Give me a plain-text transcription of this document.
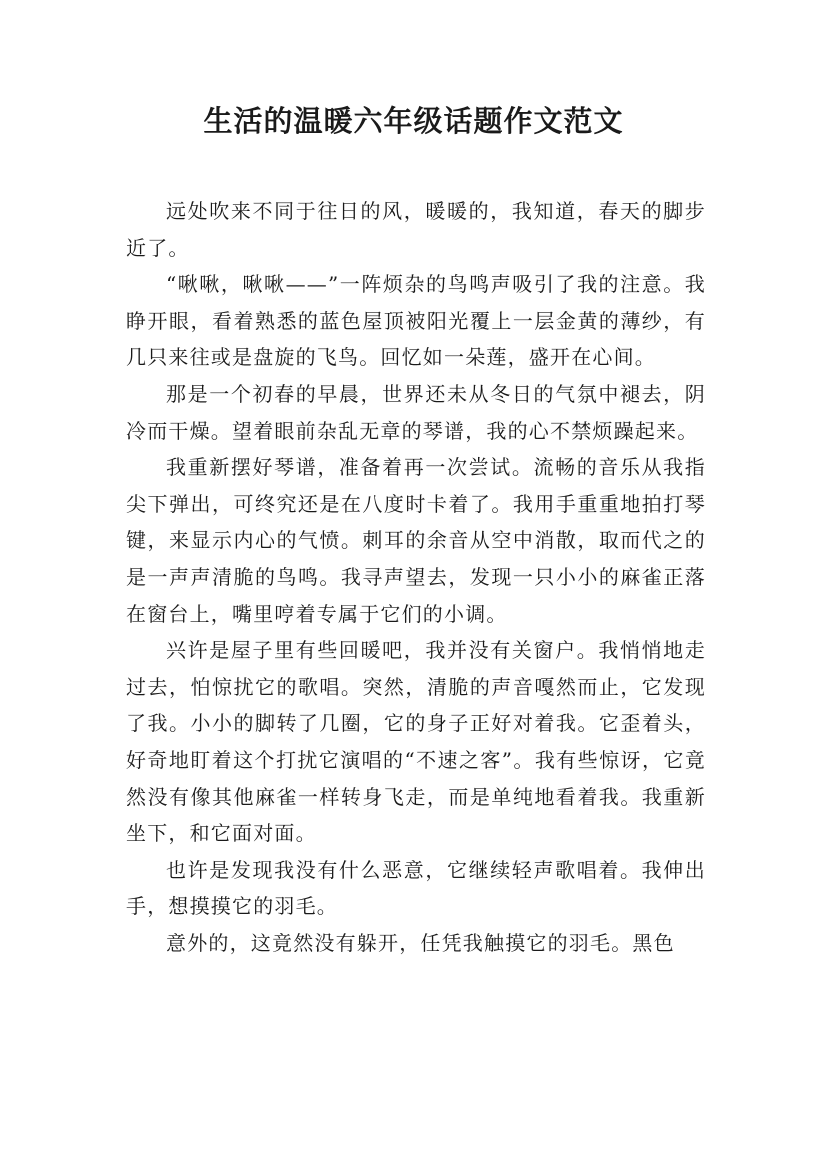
生活的温暖六年级话题作文范文

远处吹来不同于往日的风，暖暖的，我知道，春天的脚步近了。

“啾啾，啾啾——”一阵烦杂的鸟鸣声吸引了我的注意。我睁开眼，看着熟悉的蓝色屋顶被阳光覆上一层金黄的薄纱，有几只来往或是盘旋的飞鸟。回忆如一朵莲，盛开在心间。

那是一个初春的早晨，世界还未从冬日的气氛中褪去，阴冷而干燥。望着眼前杂乱无章的琴谱，我的心不禁烦躁起来。

我重新摆好琴谱，准备着再一次尝试。流畅的音乐从我指尖下弹出，可终究还是在八度时卡着了。我用手重重地拍打琴键，来显示内心的气愤。刺耳的余音从空中消散，取而代之的是一声声清脆的鸟鸣。我寻声望去，发现一只小小的麻雀正落在窗台上，嘴里哼着专属于它们的小调。

兴许是屋子里有些回暖吧，我并没有关窗户。我悄悄地走过去，怕惊扰它的歌唱。突然，清脆的声音嘎然而止，它发现了我。小小的脚转了几圈，它的身子正好对着我。它歪着头，好奇地盯着这个打扰它演唱的“不速之客”。我有些惊讶，它竟然没有像其他麻雀一样转身飞走，而是单纯地看着我。我重新坐下，和它面对面。

也许是发现我没有什么恶意，它继续轻声歌唱着。我伸出手，想摸摸它的羽毛。

意外的，这竟然没有躲开，任凭我触摸它的羽毛。黑色
